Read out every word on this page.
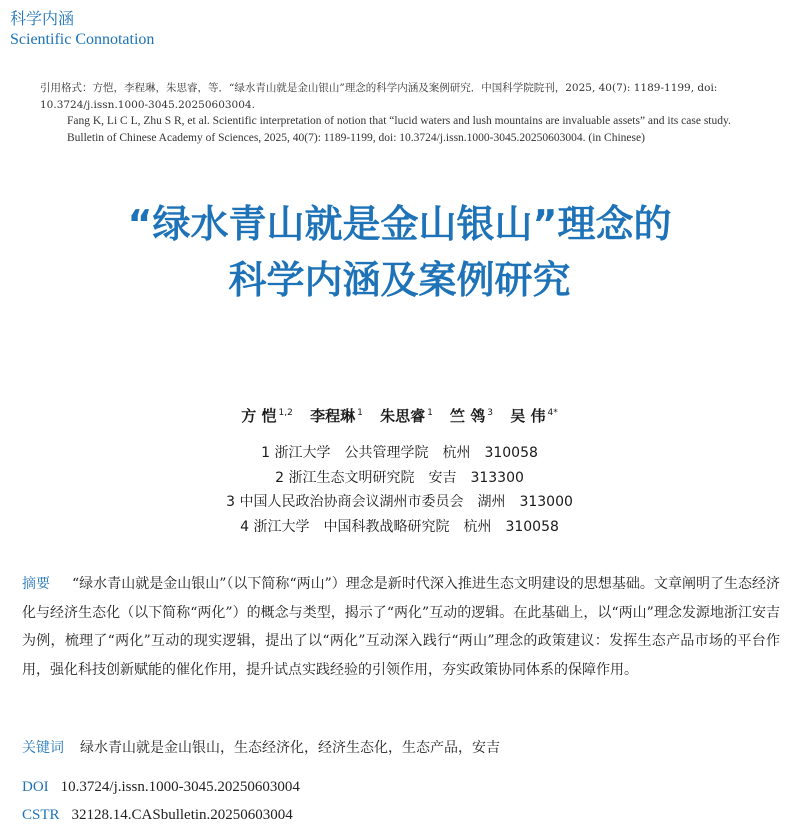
科学内涵
Scientific Connotation
引用格式：方恺，李程琳，朱思睿，等．“绿水青山就是金山银山”理念的科学内涵及案例研究．中国科学院院刊，2025, 40(7): 1189-1199, doi: 10.3724/j.issn.1000-3045.20250603004.
Fang K, Li C L, Zhu S R, et al. Scientific interpretation of notion that “lucid waters and lush mountains are invaluable assets” and its case study. Bulletin of Chinese Academy of Sciences, 2025, 40(7): 1189-1199, doi: 10.3724/j.issn.1000-3045.20250603004. (in Chinese)
“绿水青山就是金山银山”理念的
科学内涵及案例研究
方 恺 $^{1,2}$ 李程琳 $^1$ 朱思睿 $^1$ 竺 鸰 $^3$ 吴 伟 $^{4*}$
1 浙江大学　公共管理学院　杭州　310058
2 浙江生态文明研究院　安吉　313300
3 中国人民政治协商会议湖州市委员会　湖州　313000
4 浙江大学　中国科教战略研究院　杭州　310058
摘要 “绿水青山就是金山银山”（以下简称“两山”）理念是新时代深入推进生态文明建设的思想基础。文章阐明了生态经济化与经济生态化（以下简称“两化”）的概念与类型，揭示了“两化”互动的逻辑。在此基础上，以“两山”理念发源地浙江安吉为例，梳理了“两化”互动的现实逻辑，提出了以“两化”互动深入践行“两山”理念的政策建议：发挥生态产品市场的平台作用，强化科技创新赋能的催化作用，提升试点实践经验的引领作用，夯实政策协同体系的保障作用。
关键词 绿水青山就是金山银山，生态经济化，经济生态化，生态产品，安吉
DOI 10.3724/j.issn.1000-3045.20250603004
CSTR 32128.14.CASbulletin.20250603004
